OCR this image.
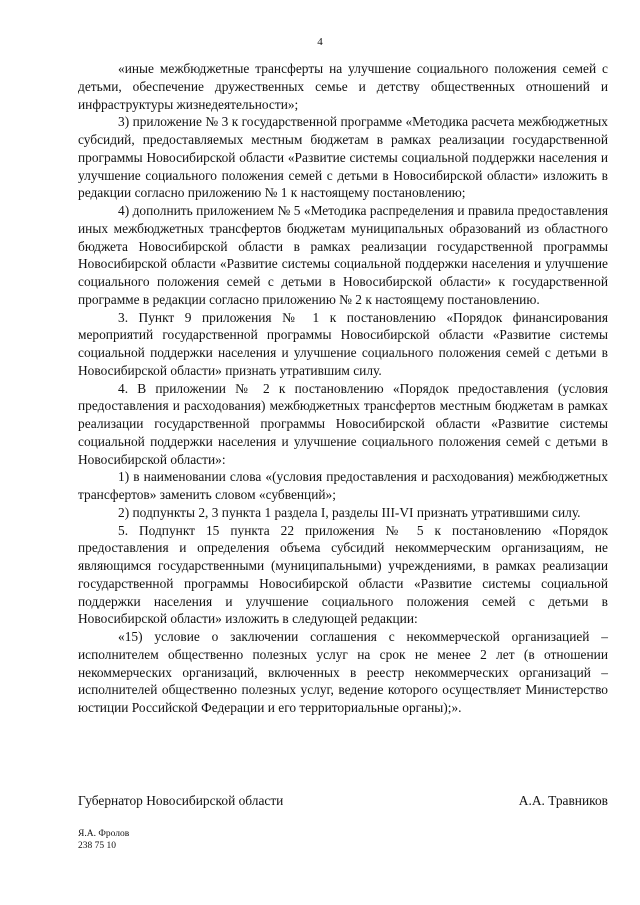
4

«иные межбюджетные трансферты на улучшение социального положения семей с детьми, обеспечение дружественных семье и детству общественных отношений и инфраструктуры жизнедеятельности»;

3) приложение № 3 к государственной программе «Методика расчета межбюджетных субсидий, предоставляемых местным бюджетам в рамках реализации государственной программы Новосибирской области «Развитие системы социальной поддержки населения и улучшение социального положения семей с детьми в Новосибирской области» изложить в редакции согласно приложению № 1 к настоящему постановлению;

4) дополнить приложением № 5 «Методика распределения и правила предоставления иных межбюджетных трансфертов бюджетам муниципальных образований из областного бюджета Новосибирской области в рамках реализации государственной программы Новосибирской области «Развитие системы социальной поддержки населения и улучшение социального положения семей с детьми в Новосибирской области» к государственной программе в редакции согласно приложению № 2 к настоящему постановлению.

3. Пункт 9 приложения № 1 к постановлению «Порядок финансирования мероприятий государственной программы Новосибирской области «Развитие системы социальной поддержки населения и улучшение социального положения семей с детьми в Новосибирской области» признать утратившим силу.

4. В приложении № 2 к постановлению «Порядок предоставления (условия предоставления и расходования) межбюджетных трансфертов местным бюджетам в рамках реализации государственной программы Новосибирской области «Развитие системы социальной поддержки населения и улучшение социального положения семей с детьми в Новосибирской области»:

1) в наименовании слова «(условия предоставления и расходования) межбюджетных трансфертов» заменить словом «субвенций»;

2) подпункты 2, 3 пункта 1 раздела I, разделы III-VI признать утратившими силу.

5. Подпункт 15 пункта 22 приложения № 5 к постановлению «Порядок предоставления и определения объема субсидий некоммерческим организациям, не являющимся государственными (муниципальными) учреждениями, в рамках реализации государственной программы Новосибирской области «Развитие системы социальной поддержки населения и улучшение социального положения семей с детьми в Новосибирской области» изложить в следующей редакции:

«15) условие о заключении соглашения с некоммерческой организацией – исполнителем общественно полезных услуг на срок не менее 2 лет (в отношении некоммерческих организаций, включенных в реестр некоммерческих организаций – исполнителей общественно полезных услуг, ведение которого осуществляет Министерство юстиции Российской Федерации и его территориальные органы);».

Губернатор Новосибирской области	А.А. Травников
Я.А. Фролов
238 75 10
